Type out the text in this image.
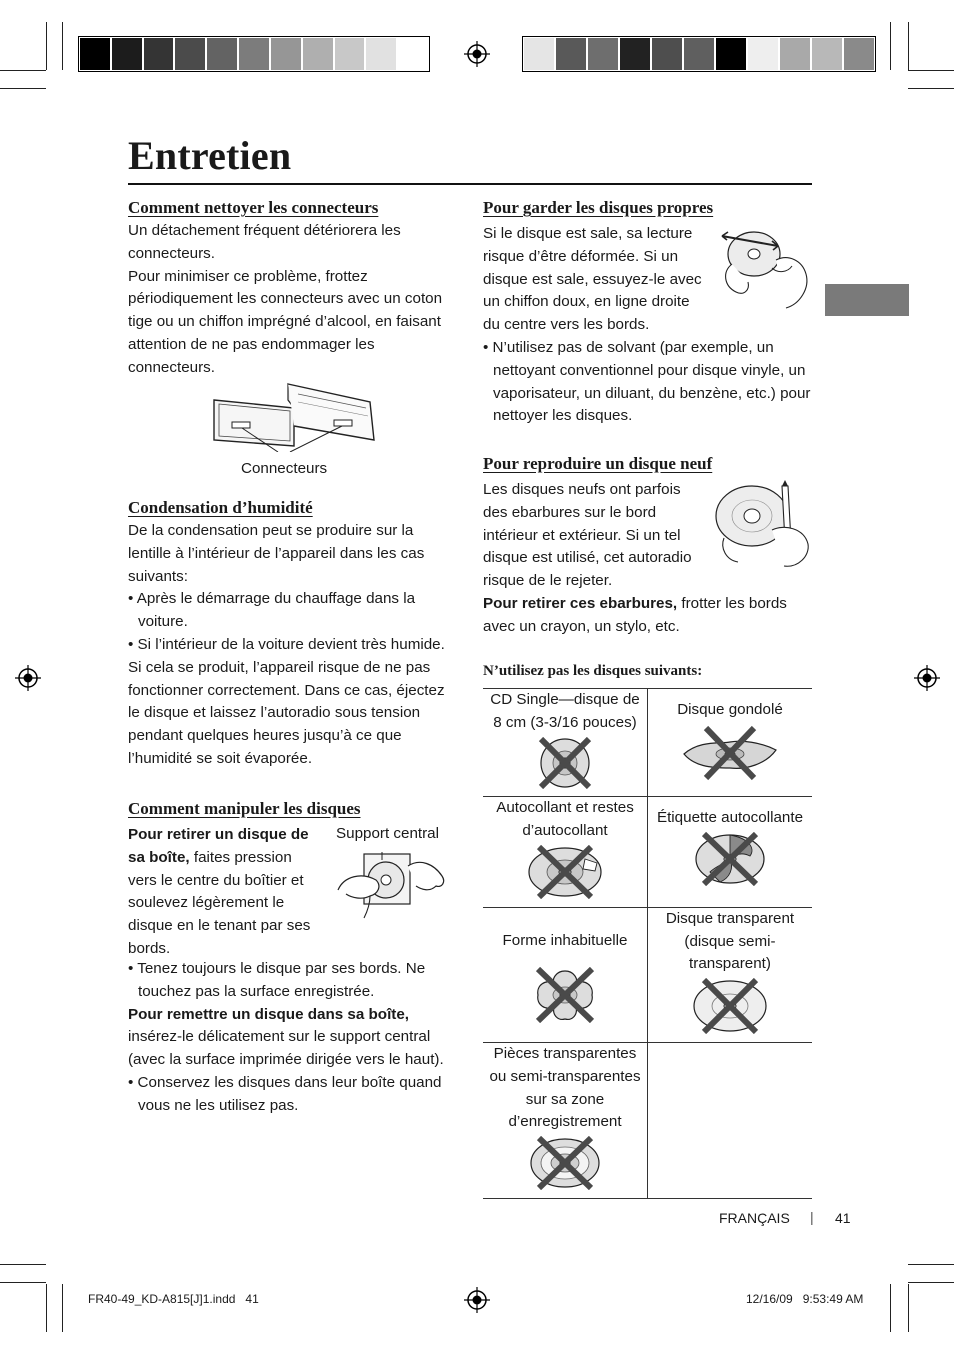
Entretien
Comment nettoyer les connecteurs

Un détachement fréquent détériorera les connecteurs.

Pour minimiser ce problème, frottez périodiquement les connecteurs avec un coton tige ou un chiffon imprégné d’alcool, en faisant attention de ne pas endommager les connecteurs.

Connecteurs
Condensation d’humidité

De la condensation peut se produire sur la lentille à l’intérieur de l’appareil dans les cas suivants:

• Après le démarrage du chauffage dans la voiture.

• Si l’intérieur de la voiture devient très humide.

Si cela se produit, l’appareil risque de ne pas fonctionner correctement. Dans ce cas, éjectez le disque et laissez l’autoradio sous tension pendant quelques heures jusqu’à ce que l’humidité se soit évaporée.

Comment manipuler les disques

Pour retirer un disque de sa boîte, faites pression vers le centre du boîtier et soulevez légèrement le disque en le tenant par ses bords.

Support central

• Tenez toujours le disque par ses bords. Ne touchez pas la surface enregistrée.

Pour remettre un disque dans sa boîte, insérez-le délicatement sur le support central (avec la surface imprimée dirigée vers le haut).

• Conservez les disques dans leur boîte quand vous ne les utilisez pas.

Pour garder les disques propres

Si le disque est sale, sa lecture risque d’être déformée. Si un disque est sale, essuyez-le avec un chiffon doux, en ligne droite du centre vers les bords.

• N’utilisez pas de solvant (par exemple, un nettoyant conventionnel pour disque vinyle, un vaporisateur, un diluant, du benzène, etc.) pour nettoyer les disques.

Pour reproduire un disque neuf

Les disques neufs ont parfois des ebarbures sur le bord intérieur et extérieur. Si un tel disque est utilisé, cet autoradio risque de le rejeter.

Pour retirer ces ebarbures, frotter les bords avec un crayon, un stylo, etc.

N’utilisez pas les disques suivants:
CD Single—disque de 8 cm (3-3/16 pouces)	Disque gondolé

Autocollant et restes d’autocollant	Étiquette autocollante

Forme inhabituelle	Disque transparent (disque semi-transparent)

Pièces transparentes ou semi-transparentes sur sa zone d’enregistrement	

FRANÇAIS | 41
FR40-49_KD-A815[J]1.indd   41	12/16/09   9:53:49 AM
